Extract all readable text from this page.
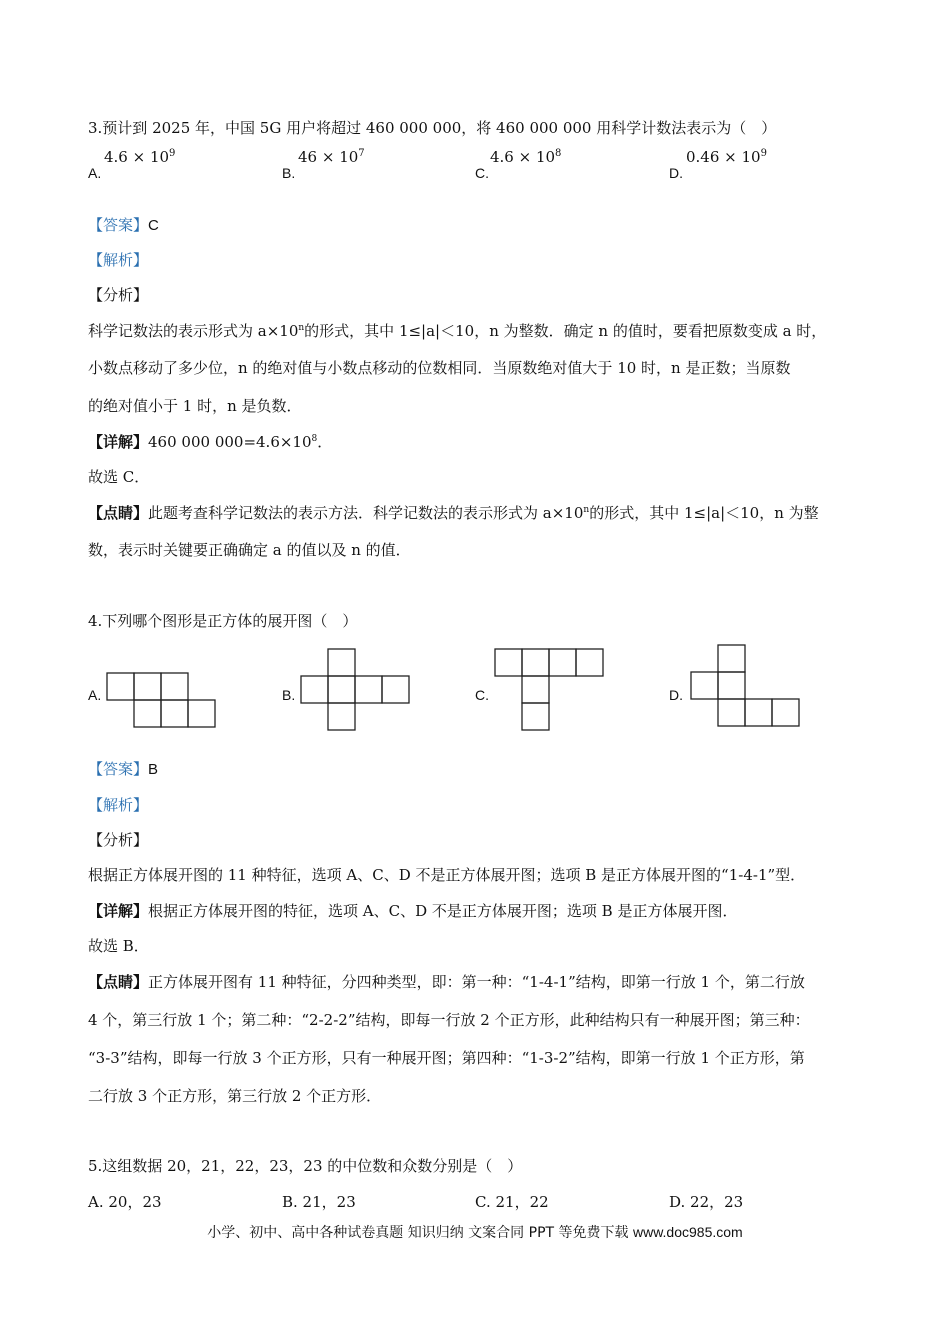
3.预计到 2025 年，中国 5G 用户将超过 460 000 000，将 460 000 000 用科学计数法表示为（　）
$4.6 \times 10^9$
A.
$46 \times 10^7$
B.
$4.6 \times 10^8$
C.
$0.46 \times 10^9$
D.
【答案】C
【解析】
【分析】
科学记数法的表示形式为 $a\times 10^n$的形式，其中 1≤|a|＜10，n 为整数．确定 n 的值时，要看把原数变成 a 时，
小数点移动了多少位，n 的绝对值与小数点移动的位数相同．当原数绝对值大于 10 时，n 是正数；当原数
的绝对值小于 1 时，n 是负数．
【详解】460 000 $000=4.6\times 10^8$．
故选 C．
【点睛】此题考查科学记数法的表示方法．科学记数法的表示形式为 $a\times 10^n$的形式，其中 1≤|a|＜10，n 为整
数，表示时关键要正确确定 a 的值以及 n 的值．
4.下列哪个图形是正方体的展开图（　）
A.	B.	C.	D.
【答案】B
【解析】
【分析】
根据正方体展开图的 11 种特征，选项 A、C、D 不是正方体展开图；选项 B 是正方体展开图的“1-4-1”型．
【详解】根据正方体展开图的特征，选项 A、C、D 不是正方体展开图；选项 B 是正方体展开图．
故选 B．
【点睛】正方体展开图有 11 种特征，分四种类型，即：第一种：“1-4-1”结构，即第一行放 1 个，第二行放
4 个，第三行放 1 个；第二种：“2-2-2”结构，即每一行放 2 个正方形，此种结构只有一种展开图；第三种：
“3-3”结构，即每一行放 3 个正方形，只有一种展开图；第四种：“1-3-2”结构，即第一行放 1 个正方形，第
二行放 3 个正方形，第三行放 2 个正方形．
5.这组数据 20，21，22，23，23 的中位数和众数分别是（　）
A. 20，23	B. 21，23	C. 21，22	D. 22，23
小学、初中、高中各种试卷真题 知识归纳 文案合同 PPT 等免费下载 www.doc985.com
